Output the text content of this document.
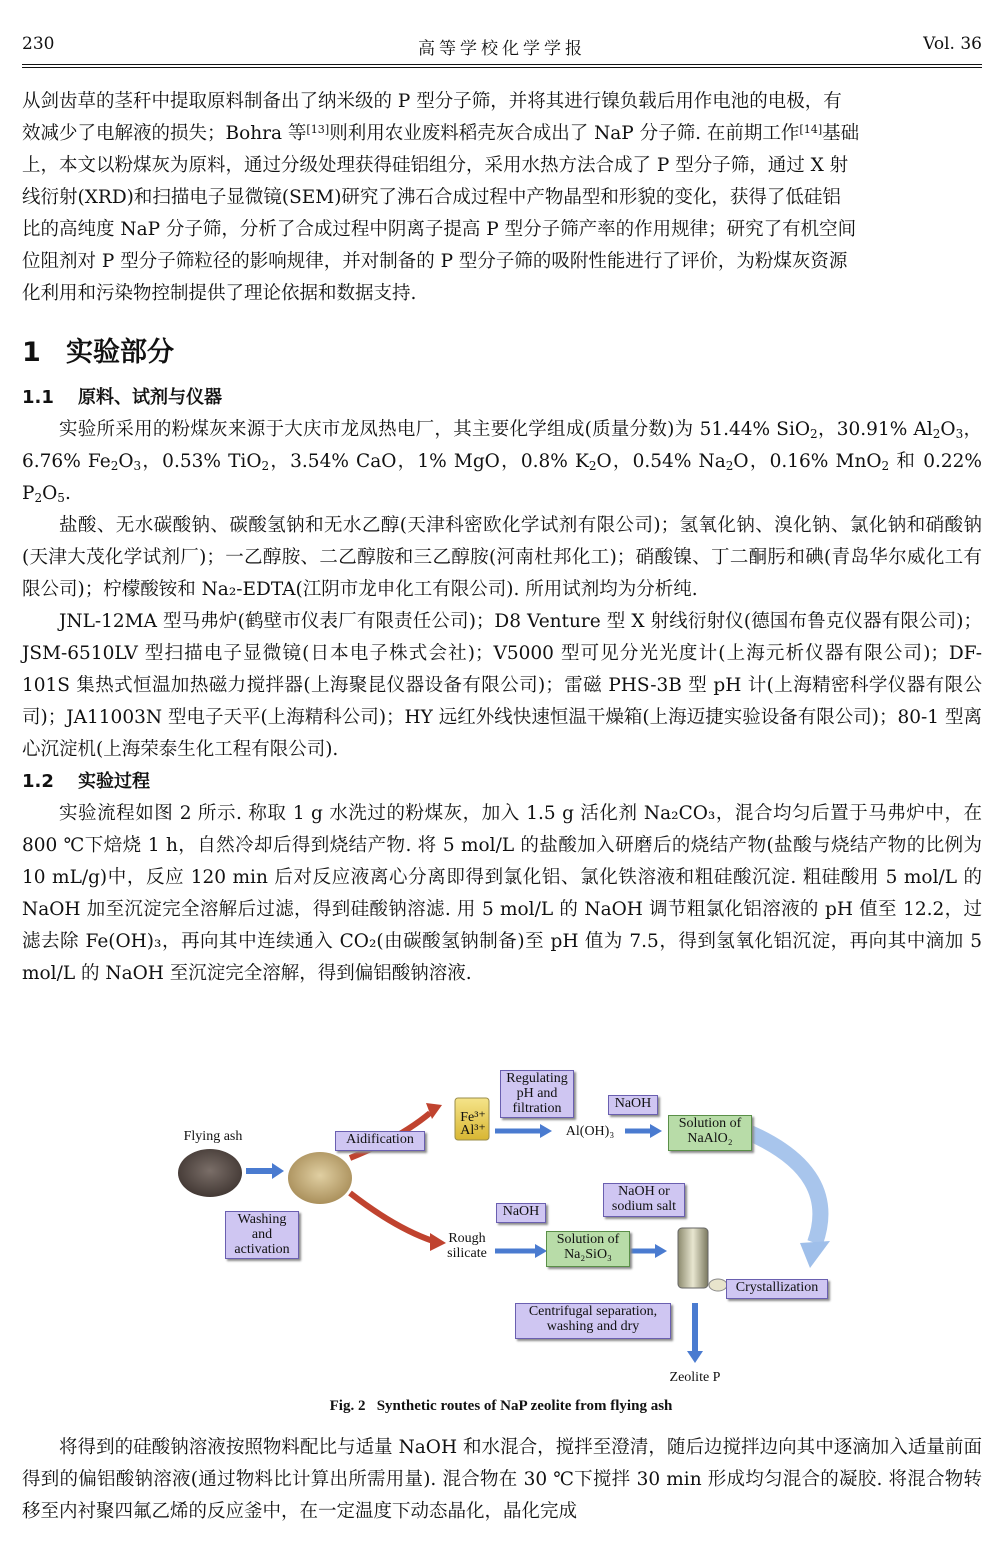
230	高等学校化学学报	Vol. 36

从剑齿草的茎秆中提取原料制备出了纳米级的 P 型分子筛，并将其进行镍负载后用作电池的电极，有

效减少了电解液的损失；Bohra 等[13]则利用农业废料稻壳灰合成出了 NaP 分子筛. 在前期工作[14]基础

上，本文以粉煤灰为原料，通过分级处理获得硅铝组分，采用水热方法合成了 P 型分子筛，通过 X 射

线衍射(XRD)和扫描电子显微镜(SEM)研究了沸石合成过程中产物晶型和形貌的变化，获得了低硅铝

比的高纯度 NaP 分子筛，分析了合成过程中阴离子提高 P 型分子筛产率的作用规律；研究了有机空间

位阻剂对 P 型分子筛粒径的影响规律，并对制备的 P 型分子筛的吸附性能进行了评价，为粉煤灰资源

化利用和污染物控制提供了理论依据和数据支持.

1 实验部分

1.1 原料、试剂与仪器

实验所采用的粉煤灰来源于大庆市龙凤热电厂，其主要化学组成(质量分数)为 51.44% SiO$_2$，30.91% $Al_2O_3$，6.76% $Fe_2O_3$，0.53% TiO$_2$，3.54% CaO，1% MgO，0.8% $K_2O$，0.54% $Na_2O$，0.16% MnO$_2$ 和 0.22% $P_2O_5$.

盐酸、无水碳酸钠、碳酸氢钠和无水乙醇(天津科密欧化学试剂有限公司)；氢氧化钠、溴化钠、氯化钠和硝酸钠(天津大茂化学试剂厂)；一乙醇胺、二乙醇胺和三乙醇胺(河南杜邦化工)；硝酸镍、丁二酮肟和碘(青岛华尔威化工有限公司)；柠檬酸铵和 Na₂-EDTA(江阴市龙申化工有限公司). 所用试剂均为分析纯.

JNL-12MA 型马弗炉(鹤壁市仪表厂有限责任公司)；D8 Venture 型 X 射线衍射仪(德国布鲁克仪器有限公司)；JSM-6510LV 型扫描电子显微镜(日本电子株式会社)；V5000 型可见分光光度计(上海元析仪器有限公司)；DF-101S 集热式恒温加热磁力搅拌器(上海聚昆仪器设备有限公司)；雷磁 PHS-3B 型 pH 计(上海精密科学仪器有限公司)；JA11003N 型电子天平(上海精科公司)；HY 远红外线快速恒温干燥箱(上海迈捷实验设备有限公司)；80-1 型离心沉淀机(上海荣泰生化工程有限公司).

1.2 实验过程

实验流程如图 2 所示. 称取 1 g 水洗过的粉煤灰，加入 1.5 g 活化剂 Na₂CO₃，混合均匀后置于马弗炉中，在 800 ℃下焙烧 1 h，自然冷却后得到烧结产物. 将 5 mol/L 的盐酸加入研磨后的烧结产物(盐酸与烧结产物的比例为 10 mL/g)中，反应 120 min 后对反应液离心分离即得到氯化铝、氯化铁溶液和粗硅酸沉淀. 粗硅酸用 5 mol/L 的 NaOH 加至沉淀完全溶解后过滤，得到硅酸钠溶滤. 用 5 mol/L 的 NaOH 调节粗氯化铝溶液的 pH 值至 12.2，过滤去除 Fe(OH)₃，再向其中连续通入 CO₂(由碳酸氢钠制备)至 pH 值为 7.5，得到氢氧化铝沉淀，再向其中滴加 5 mol/L 的 NaOH 至沉淀完全溶解，得到偏铝酸钠溶液.

Flying ash
Washing and activation
Aidification
Regulating pH and filtration
Fe³⁺ Al³⁺	Al(OH)₃
NaOH
Solution of NaAlO₂
Rough silicate
NaOH
Solution of Na₂SiO₃
NaOH or sodium salt
Crystallization
Centrifugal separation, washing and dry
Zeolite P
Fig. 2 Synthetic routes of NaP zeolite from flying ash

将得到的硅酸钠溶液按照物料配比与适量 NaOH 和水混合，搅拌至澄清，随后边搅拌边向其中逐滴加入适量前面得到的偏铝酸钠溶液(通过物料比计算出所需用量). 混合物在 30 ℃下搅拌 30 min 形成均匀混合的凝胶. 将混合物转移至内衬聚四氟乙烯的反应釜中，在一定温度下动态晶化，晶化完成
